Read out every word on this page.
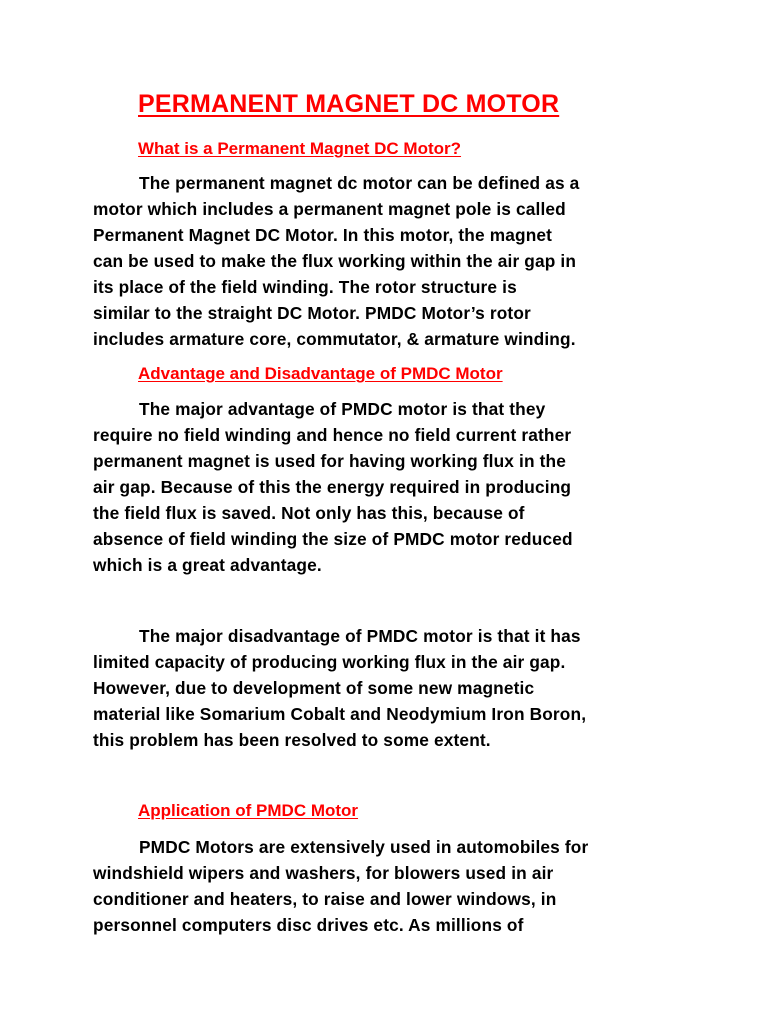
PERMANENT MAGNET DC MOTOR
What is a Permanent Magnet DC Motor?
The permanent magnet dc motor can be defined as a
motor which includes a permanent magnet pole is called
Permanent Magnet DC Motor. In this motor, the magnet
can be used to make the flux working within the air gap in
its place of the field winding. The rotor structure is
similar to the straight DC Motor. PMDC Motor’s rotor
includes armature core, commutator, & armature winding.
Advantage and Disadvantage of PMDC Motor
The major advantage of PMDC motor is that they
require no field winding and hence no field current rather
permanent magnet is used for having working flux in the
air gap. Because of this the energy required in producing
the field flux is saved. Not only has this, because of
absence of field winding the size of PMDC motor reduced
which is a great advantage.
The major disadvantage of PMDC motor is that it has
limited capacity of producing working flux in the air gap.
However, due to development of some new magnetic
material like Somarium Cobalt and Neodymium Iron Boron,
this problem has been resolved to some extent.
Application of PMDC Motor
PMDC Motors are extensively used in automobiles for
windshield wipers and washers, for blowers used in air
conditioner and heaters, to raise and lower windows, in
personnel computers disc drives etc. As millions of
